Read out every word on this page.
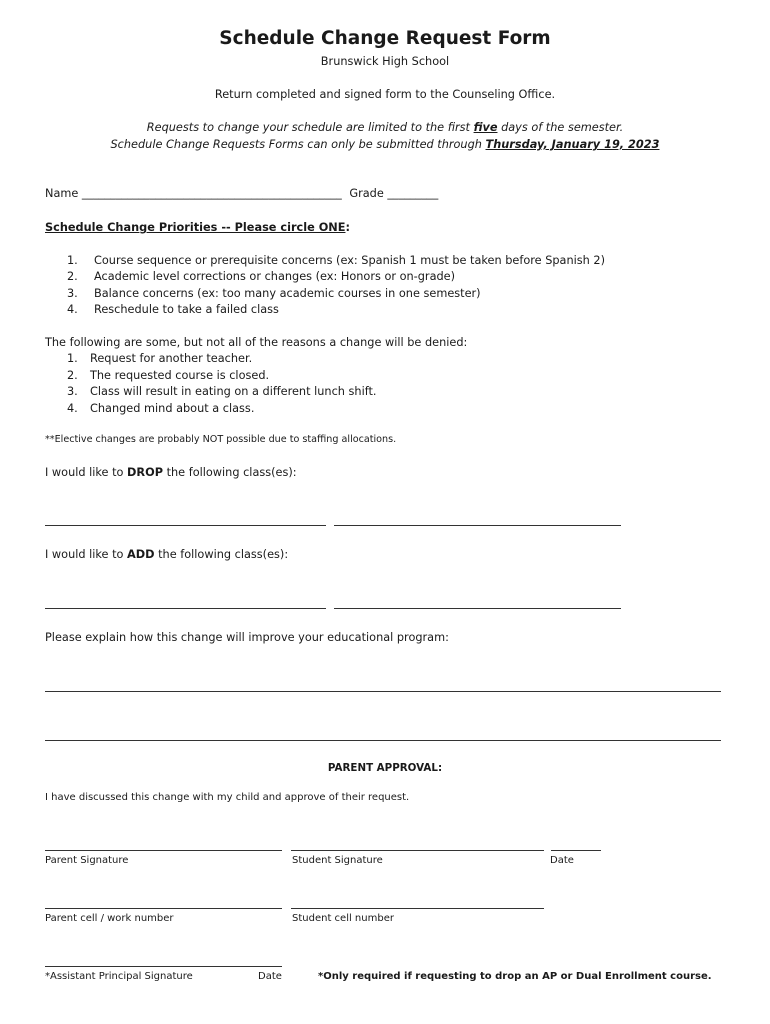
Schedule Change Request Form
Brunswick High School
Return completed and signed form to the Counseling Office.
Requests to change your schedule are limited to the first five days of the semester.
Schedule Change Requests Forms can only be submitted through Thursday, January 19, 2023
Name ______________________________________________ Grade _________
Schedule Change Priorities -- Please circle ONE:
1. Course sequence or prerequisite concerns (ex: Spanish 1 must be taken before Spanish 2)
2. Academic level corrections or changes (ex: Honors or on-grade)
3. Balance concerns (ex: too many academic courses in one semester)
4. Reschedule to take a failed class
The following are some, but not all of the reasons a change will be denied:
1. Request for another teacher.
2. The requested course is closed.
3. Class will result in eating on a different lunch shift.
4. Changed mind about a class.
**Elective changes are probably NOT possible due to staffing allocations.
I would like to DROP the following class(es):
I would like to ADD the following class(es):
Please explain how this change will improve your educational program:
PARENT APPROVAL:
I have discussed this change with my child and approve of their request.
Parent Signature	Student Signature	Date
Parent cell / work number	Student cell number
*Assistant Principal Signature	Date	*Only required if requesting to drop an AP or Dual Enrollment course.
